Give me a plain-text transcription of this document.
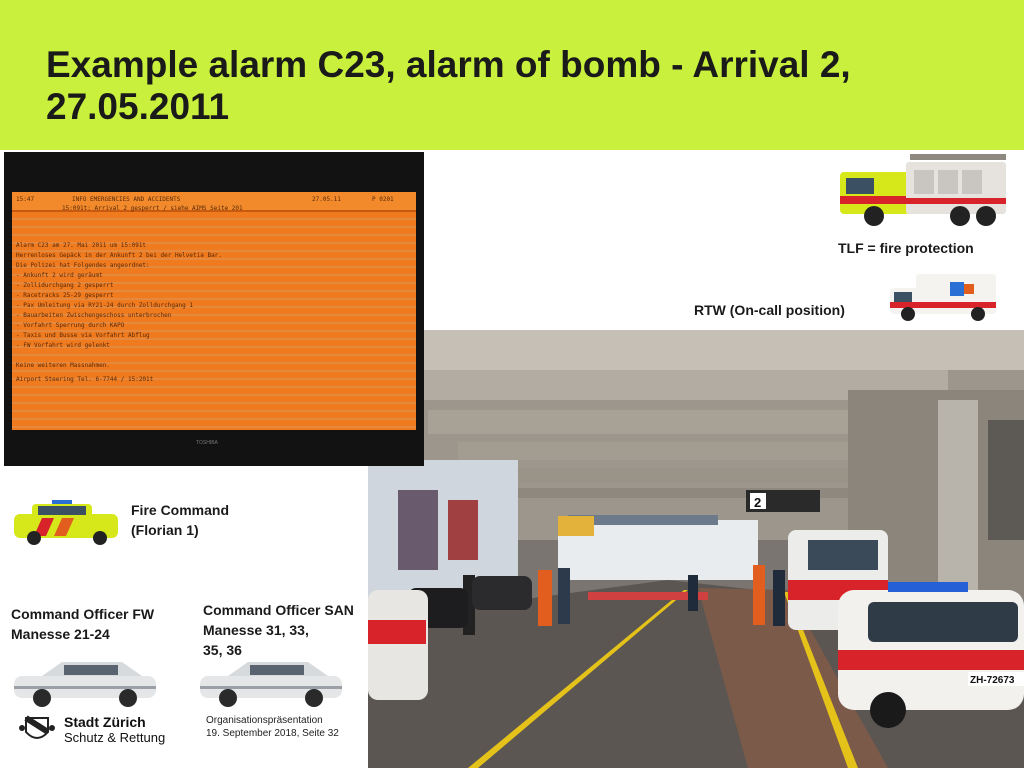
Example alarm C23, alarm of bomb - Arrival 2,
27.05.2011
2
ZH-72673
15:47	INFO EMERGENCIES AND ACCIDENTS	27.05.11	P 0201
15:091t: Arrival 2 gesperrt / siehe AIMS Seite 201
Alarm C23 am 27. Mai 2011 um 15:091t
Herrenloses Gepäck in der Ankunft 2 bei der Helvetia Bar.
Die Polizei hat Folgendes angeordnet:
- Ankunft 2 wird geräumt
- Zollidurchgang 2 gesperrt
- Racetracks 25-29 gesperrt
- Pax Umleitung via RY21-24 durch Zolldurchgang 1
- Bauarbeiten Zwischengeschoss unterbrochen
- Vorfahrt Sperrung durch KAPO
- Taxis und Busse via Vorfahrt Abflug
- FW Vorfahrt wird gelenkt
Keine weiteren Massnahmen.
Airport Steering Tel. 6-7744 / 15:201t
TOSHIBA
TLF = fire protection
RTW (On-call position)
Fire Command
(Florian 1)
Command Officer FW
Manesse 21-24
Command Officer SAN
Manesse 31, 33,
35, 36
Stadt Zürich
Schutz & Rettung
Organisationspräsentation
19. September 2018, Seite 32
